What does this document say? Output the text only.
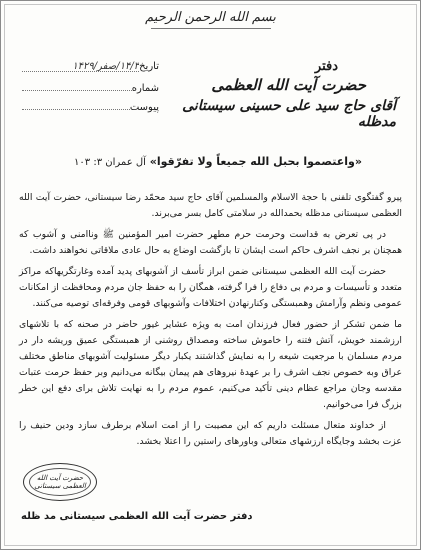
بسم الله الرحمن الرحيم
تاریخ
۱۴/۳/صفر/۱۴۲۹
شماره
پیوست
دفتر
حضرت آیت الله العظمی
آقای حاج سید علی حسینی سیستانی مدظله
«واعتصموا بحبل الله جمیعاً ولا تفرّقوا» آل عمران ۳: ۱۰۳

پیرو گفتگوی تلفنی با حجة الاسلام والمسلمین آقای حاج سید محمّد رضا سیستانی، حضرت آیت الله العظمی سیستانی مدظله بحمدالله در سلامتی کامل بسر می‌برند.

در پی تعرض به قداست وحرمت حرم مطهر حضرت امیر المؤمنین ﷺ وناامنی و آشوب که همچنان بر نجف اشرف حاکم است ایشان تا بازگشت اوضاع به حال عادی ملاقاتی نخواهند داشت.

حضرت آیت الله العظمی سیستانی ضمن ابراز تأسف از آشوبهای پدید آمده وغارتگریهاکه مراکز متعدد و تأسیسات و مردم بی دفاع را فرا گرفته، همگان را به حفظ جان مردم ومحافظت از امکانات عمومی ونظم وآرامش وهمبستگی وکنارنهادن اختلافات وآشوبهای قومی وفرقه‌ای توصیه می‌کنند.

ما ضمن تشکر از حضور فعال فرزندان امت به ویژه عشایر غیور حاضر در صحنه که با تلاشهای ارزشمند خویش، آتش فتنه را خاموش ساخته ومصداق روشنی از همبستگی عمیق وریشه دار در مردم مسلمان با مرجعیت شیعه را به نمایش گذاشتند یکبار دیگر مسئولیت آشوبهای مناطق مختلف عراق وبه خصوص نجف اشرف را بر عهدهٔ نیروهای هم پیمان بیگانه می‌دانیم وبر حفظ حرمت عتبات مقدسه وجان مراجع عظام دینی تأکید می‌کنیم، عموم مردم را به نهایت تلاش برای دفع این خطر بزرگ فرا می‌خوانیم.

از خداوند متعال مسئلت داریم که این مصیبت را از امت اسلام برطرف سازد ودین حنیف را عزت بخشد وجایگاه ارزشهای متعالی وباورهای راستین را اعتلا بخشد.

حضرت آیت الله العظمی سیستانی
دفتر حضرت آیت الله العظمی سیستانی مد ظله
